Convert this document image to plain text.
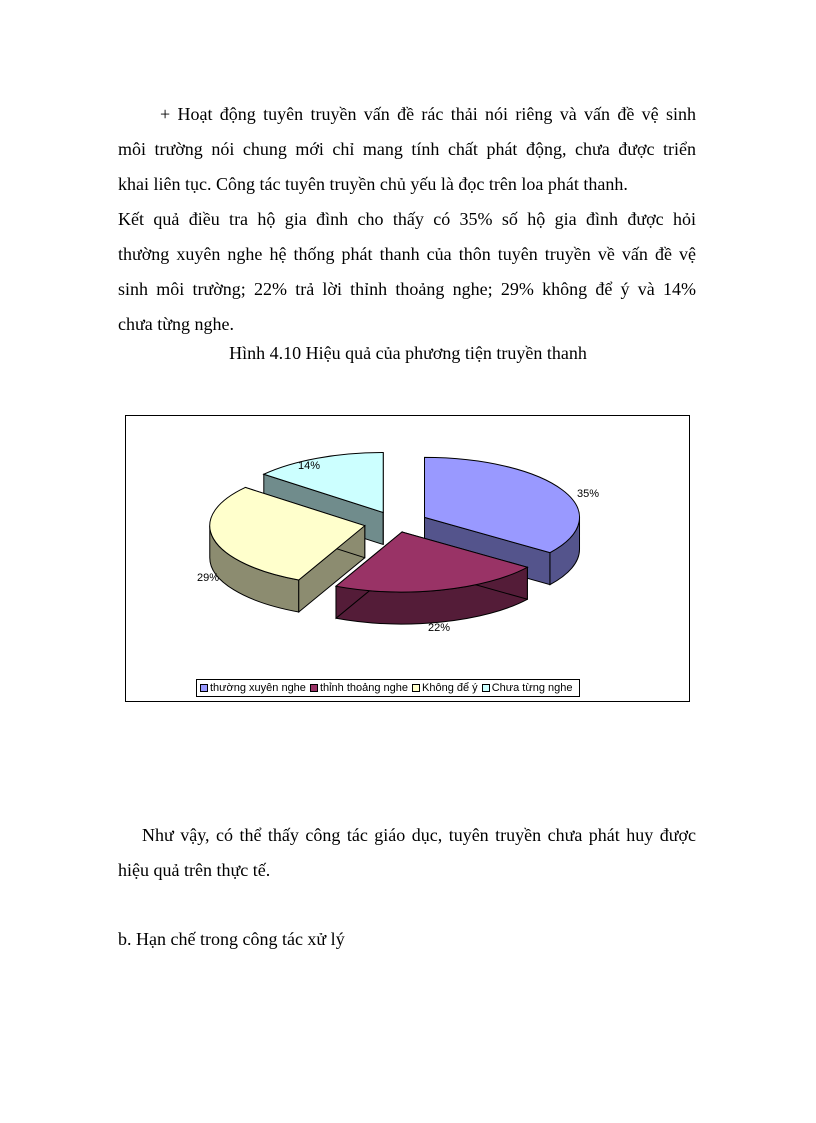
+ Hoạt động tuyên truyền vấn đề rác thải nói riêng và vấn đề vệ sinh
môi trường nói chung mới chỉ mang tính chất phát động, chưa được triển
khai liên tục. Công tác tuyên truyền chủ yếu là đọc trên loa phát thanh.
Kết quả điều tra hộ gia đình cho thấy có 35% số hộ gia đình được hỏi
thường xuyên nghe hệ thống phát thanh của thôn tuyên truyền về vấn đề vệ
sinh môi trường; 22% trả lời thỉnh thoảng nghe; 29% không để ý và 14%
chưa từng nghe.
Hình 4.10 Hiệu quả của phương tiện truyền thanh
35%
22%
29%
14%
thường xuyên nghe thỉnh thoảng nghe Không để ý Chưa từng nghe
Như vậy, có thể thấy công tác giáo dục, tuyên truyền chưa phát huy được
hiệu quả trên thực tế.
b. Hạn chế trong công tác xử lý
